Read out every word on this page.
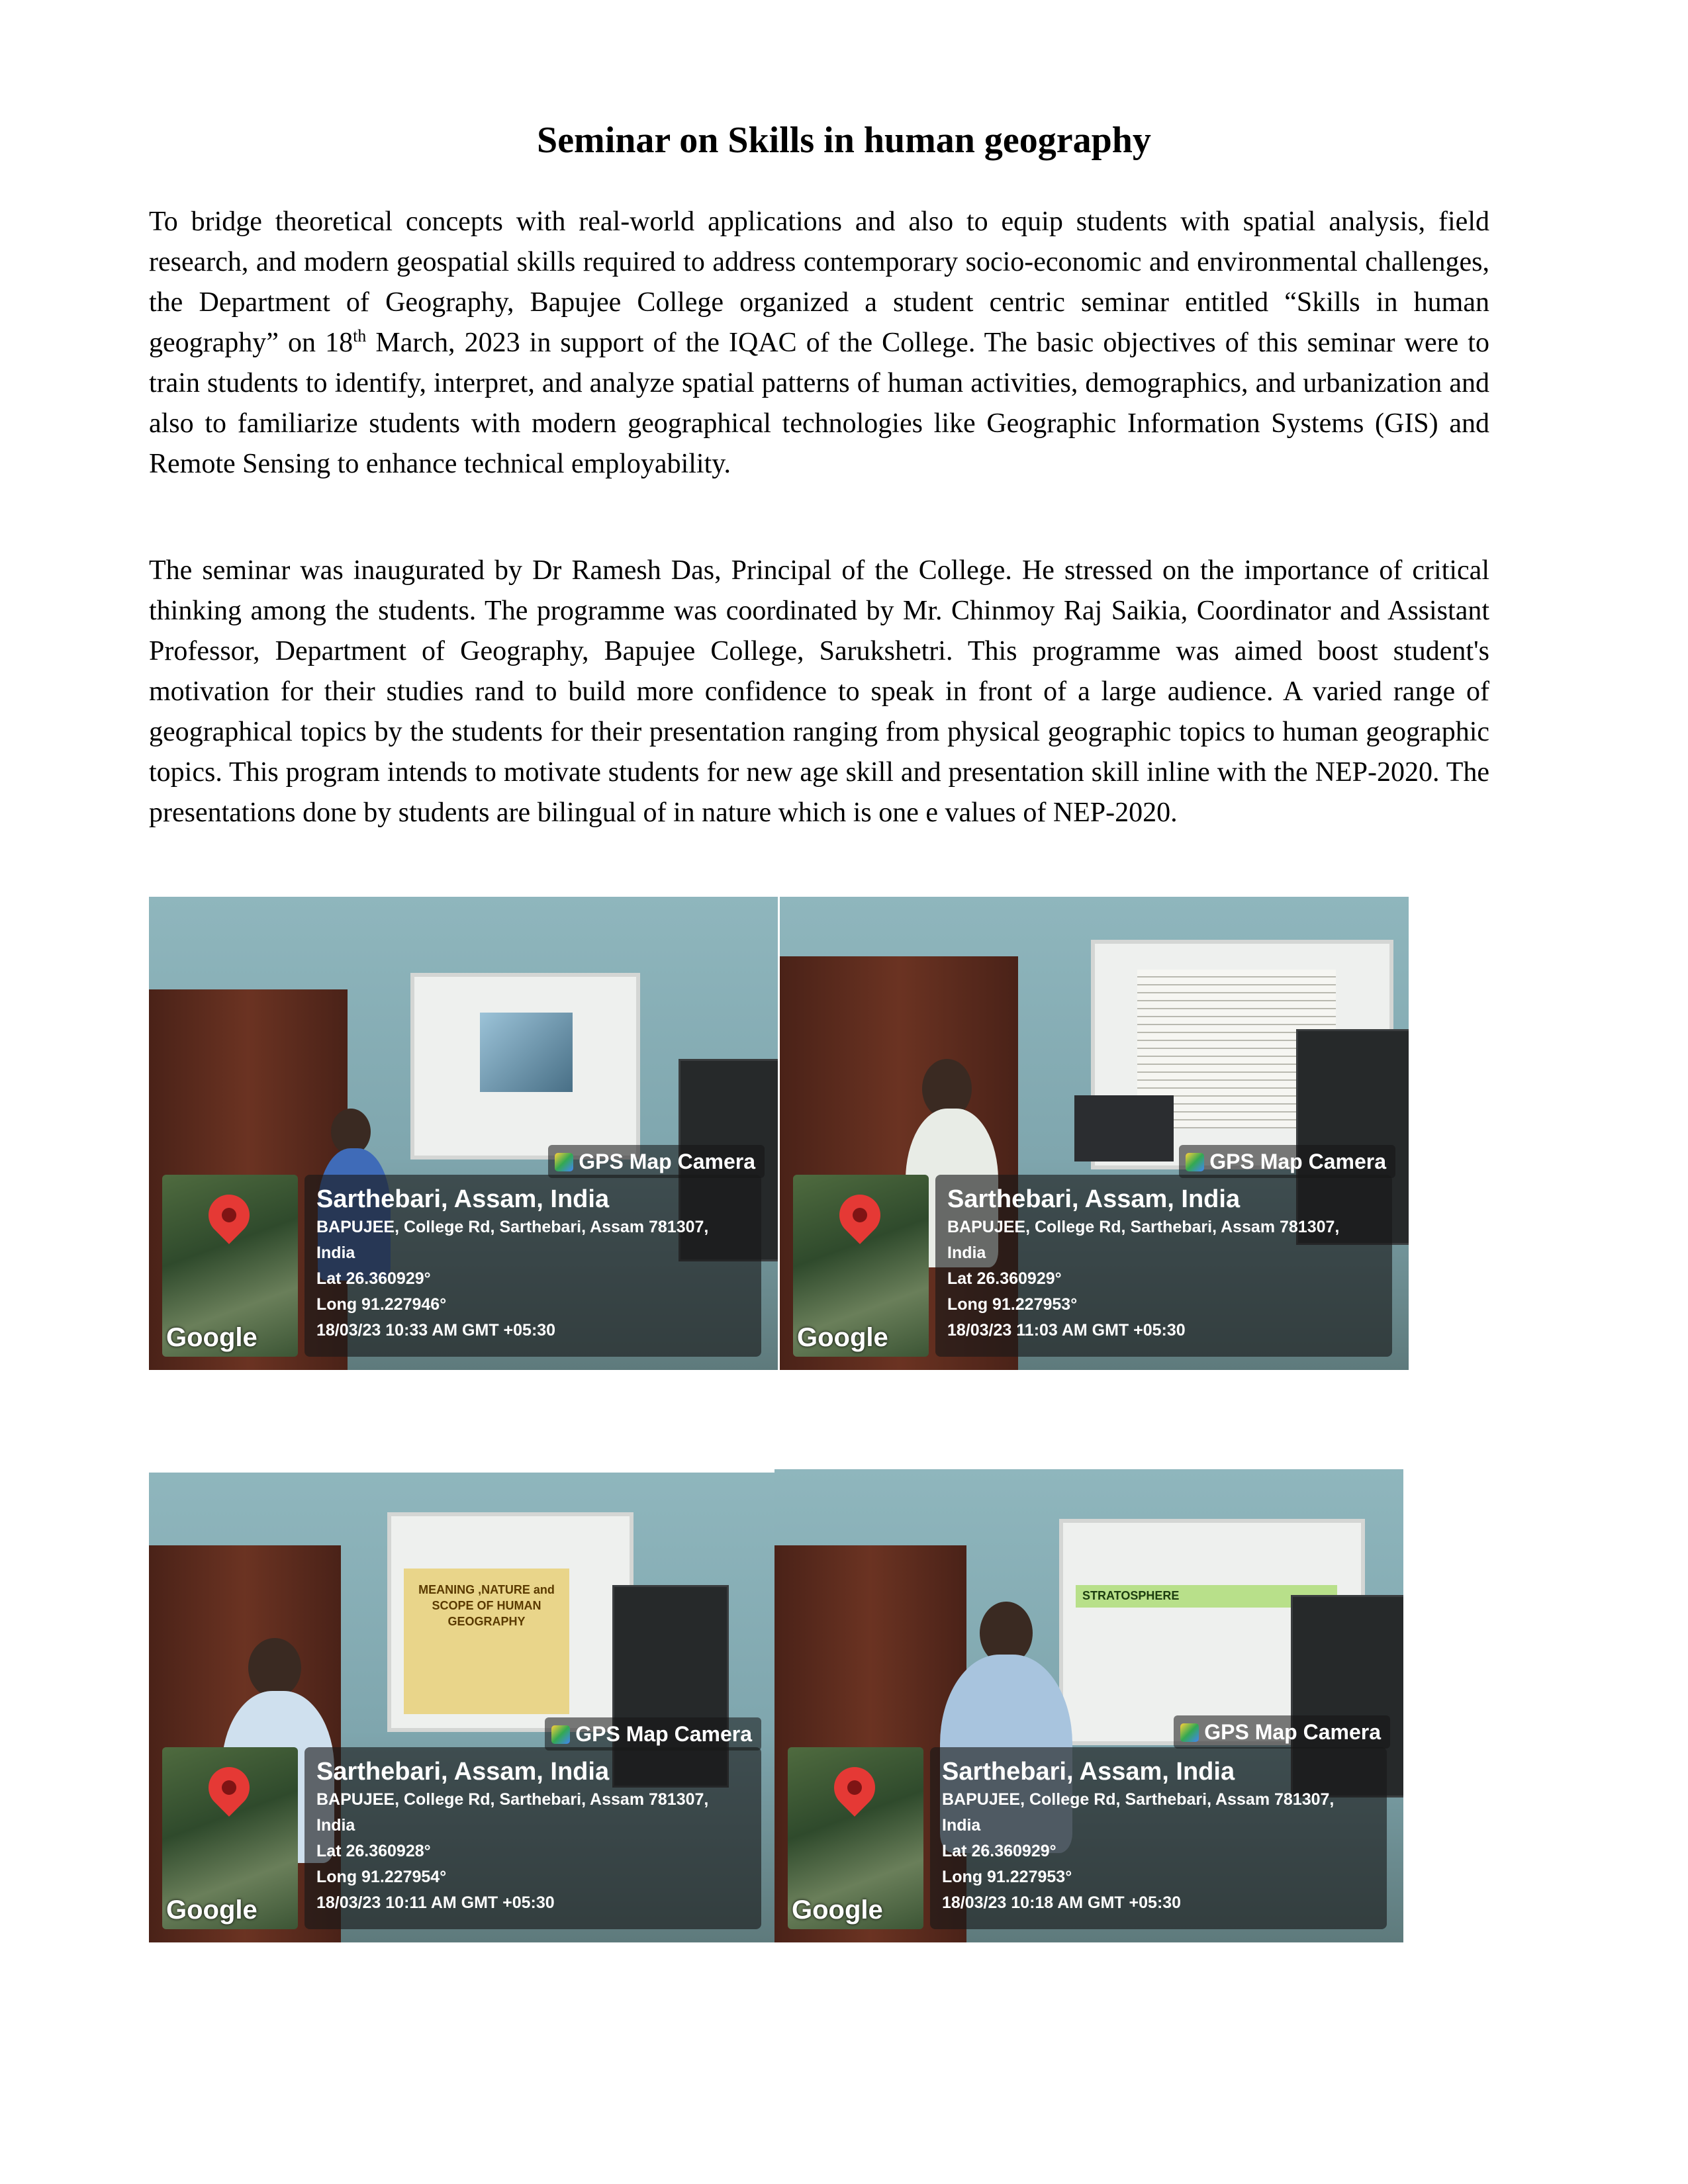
Seminar on Skills in human geography

To bridge theoretical concepts with real-world applications and also to equip students with spatial analysis, field research, and modern geospatial skills required to address contemporary socio-economic and environmental challenges, the Department of Geography, Bapujee College organized a student centric seminar entitled “Skills in human geography” on 18th March, 2023 in support of the IQAC of the College. The basic objectives of this seminar were to train students to identify, interpret, and analyze spatial patterns of human activities, demographics, and urbanization and also to familiarize students with modern geographical technologies like Geographic Information Systems (GIS) and Remote Sensing to enhance technical employability.

The seminar was inaugurated by Dr Ramesh Das, Principal of the College. He stressed on the importance of critical thinking among the students. The programme was coordinated by Mr. Chinmoy Raj Saikia, Coordinator and Assistant Professor, Department of Geography, Bapujee College, Sarukshetri. This programme was aimed boost student's motivation for their studies rand to build more confidence to speak in front of a large audience. A varied range of geographical topics by the students for their presentation ranging from physical geographic topics to human geographic topics. This program intends to motivate students for new age skill and presentation skill inline with the NEP-2020. The presentations done by students are bilingual of in nature which is one e values of NEP-2020.

GPS Map Camera
Google
Sarthebari, Assam, India
BAPUJEE, College Rd, Sarthebari, Assam 781307,
India
Lat 26.360929°
Long 91.227946°
18/03/23 10:33 AM GMT +05:30
GPS Map Camera
Google
Sarthebari, Assam, India
BAPUJEE, College Rd, Sarthebari, Assam 781307,
India
Lat 26.360929°
Long 91.227953°
18/03/23 11:03 AM GMT +05:30
MEANING ,NATURE and SCOPE OF HUMAN GEOGRAPHY
GPS Map Camera
Google
Sarthebari, Assam, India
BAPUJEE, College Rd, Sarthebari, Assam 781307,
India
Lat 26.360928°
Long 91.227954°
18/03/23 10:11 AM GMT +05:30
STRATOSPHERE
GPS Map Camera
Google
Sarthebari, Assam, India
BAPUJEE, College Rd, Sarthebari, Assam 781307,
India
Lat 26.360929°
Long 91.227953°
18/03/23 10:18 AM GMT +05:30
